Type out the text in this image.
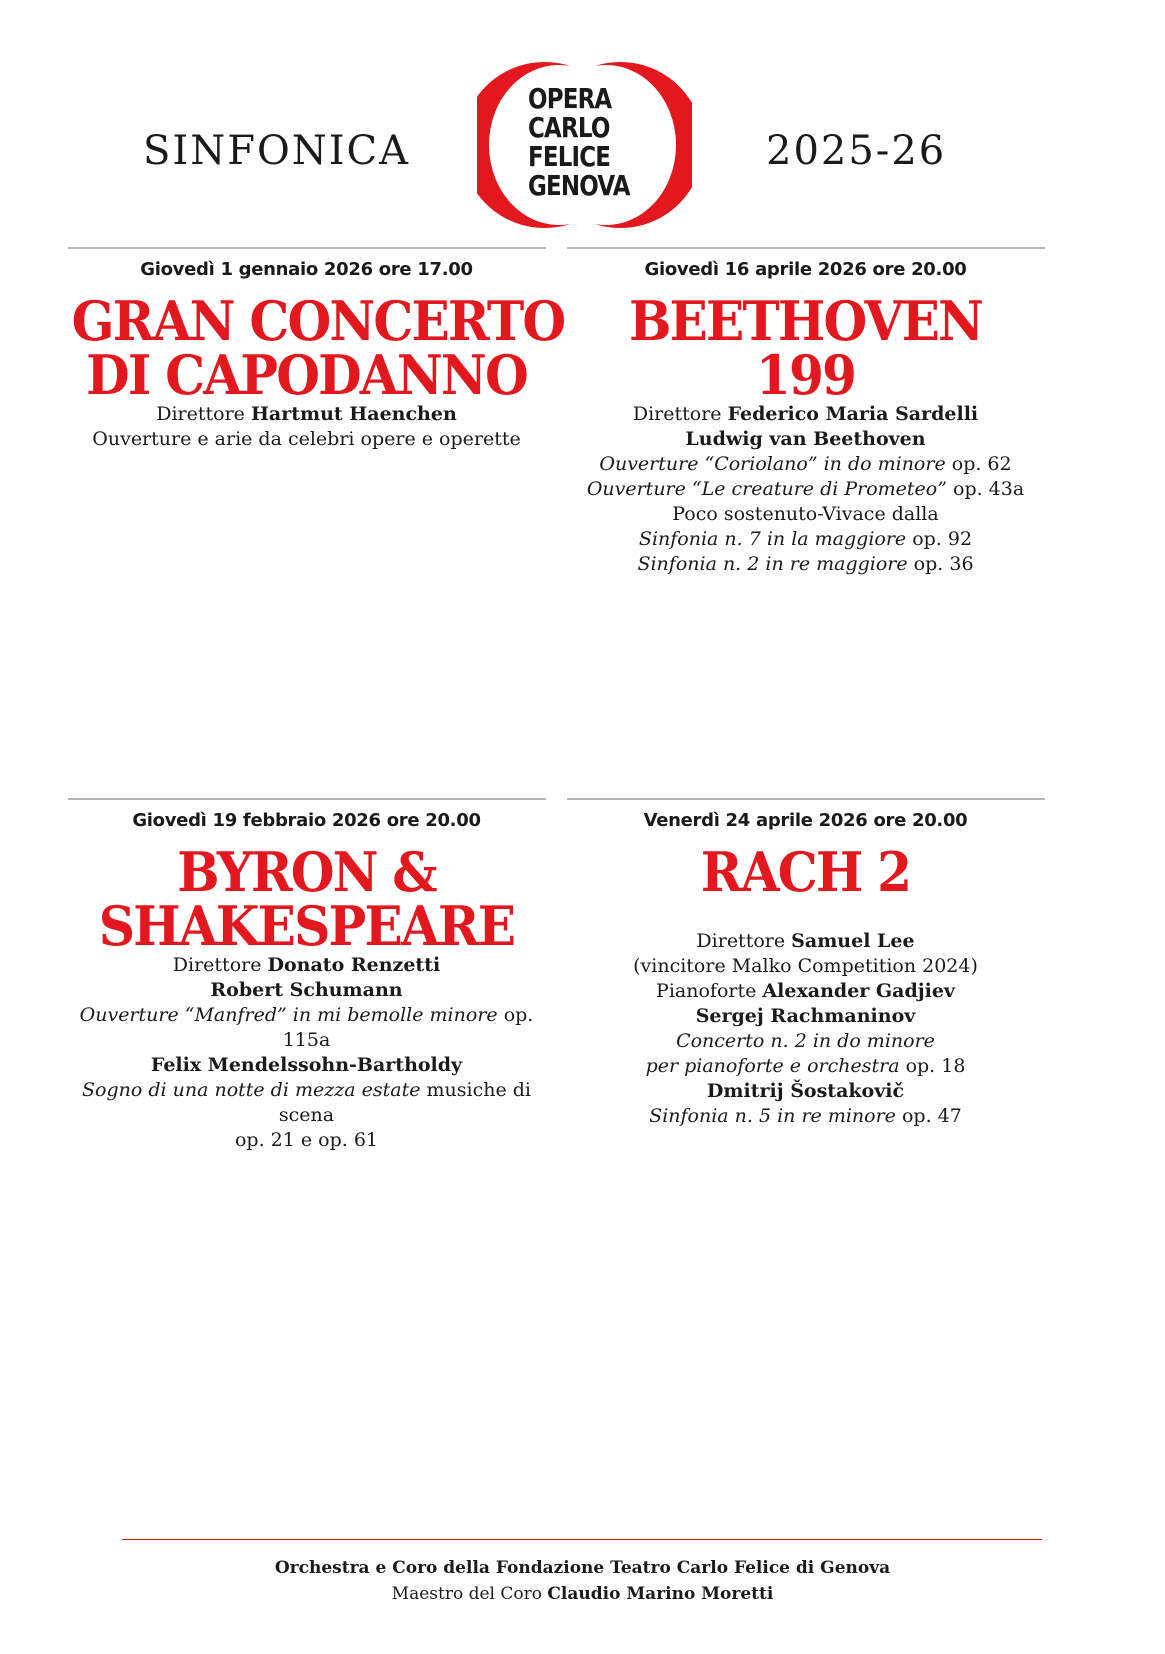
SINFONICA
OPERA
CARLO
FELICE
GENOVA
2025-26
Giovedì 1 gennaio 2026 ore 17.00
GRAN CONCERTO
DI CAPODANNO

Direttore Hartmut Haenchen

Ouverture e arie da celebri opere e operette

Giovedì 16 aprile 2026 ore 20.00
BEETHOVEN
199

Direttore Federico Maria Sardelli

Ludwig van Beethoven

Ouverture “Coriolano” in do minore op. 62

Ouverture “Le creature di Prometeo” op. 43a

Poco sostenuto-Vivace dalla

Sinfonia n. 7 in la maggiore op. 92

Sinfonia n. 2 in re maggiore op. 36

Giovedì 19 febbraio 2026 ore 20.00
BYRON &
SHAKESPEARE

Direttore Donato Renzetti

Robert Schumann

Ouverture “Manfred” in mi bemolle minore op. 115a

Felix Mendelssohn-Bartholdy

Sogno di una notte di mezza estate musiche di scena

op. 21 e op. 61

Venerdì 24 aprile 2026 ore 20.00
RACH 2

Direttore Samuel Lee

(vincitore Malko Competition 2024)

Pianoforte Alexander Gadjiev

Sergej Rachmaninov

Concerto n. 2 in do minore

per pianoforte e orchestra op. 18

Dmitrij Šostakovič

Sinfonia n. 5 in re minore op. 47

Orchestra e Coro della Fondazione Teatro Carlo Felice di Genova
Maestro del Coro Claudio Marino Moretti
